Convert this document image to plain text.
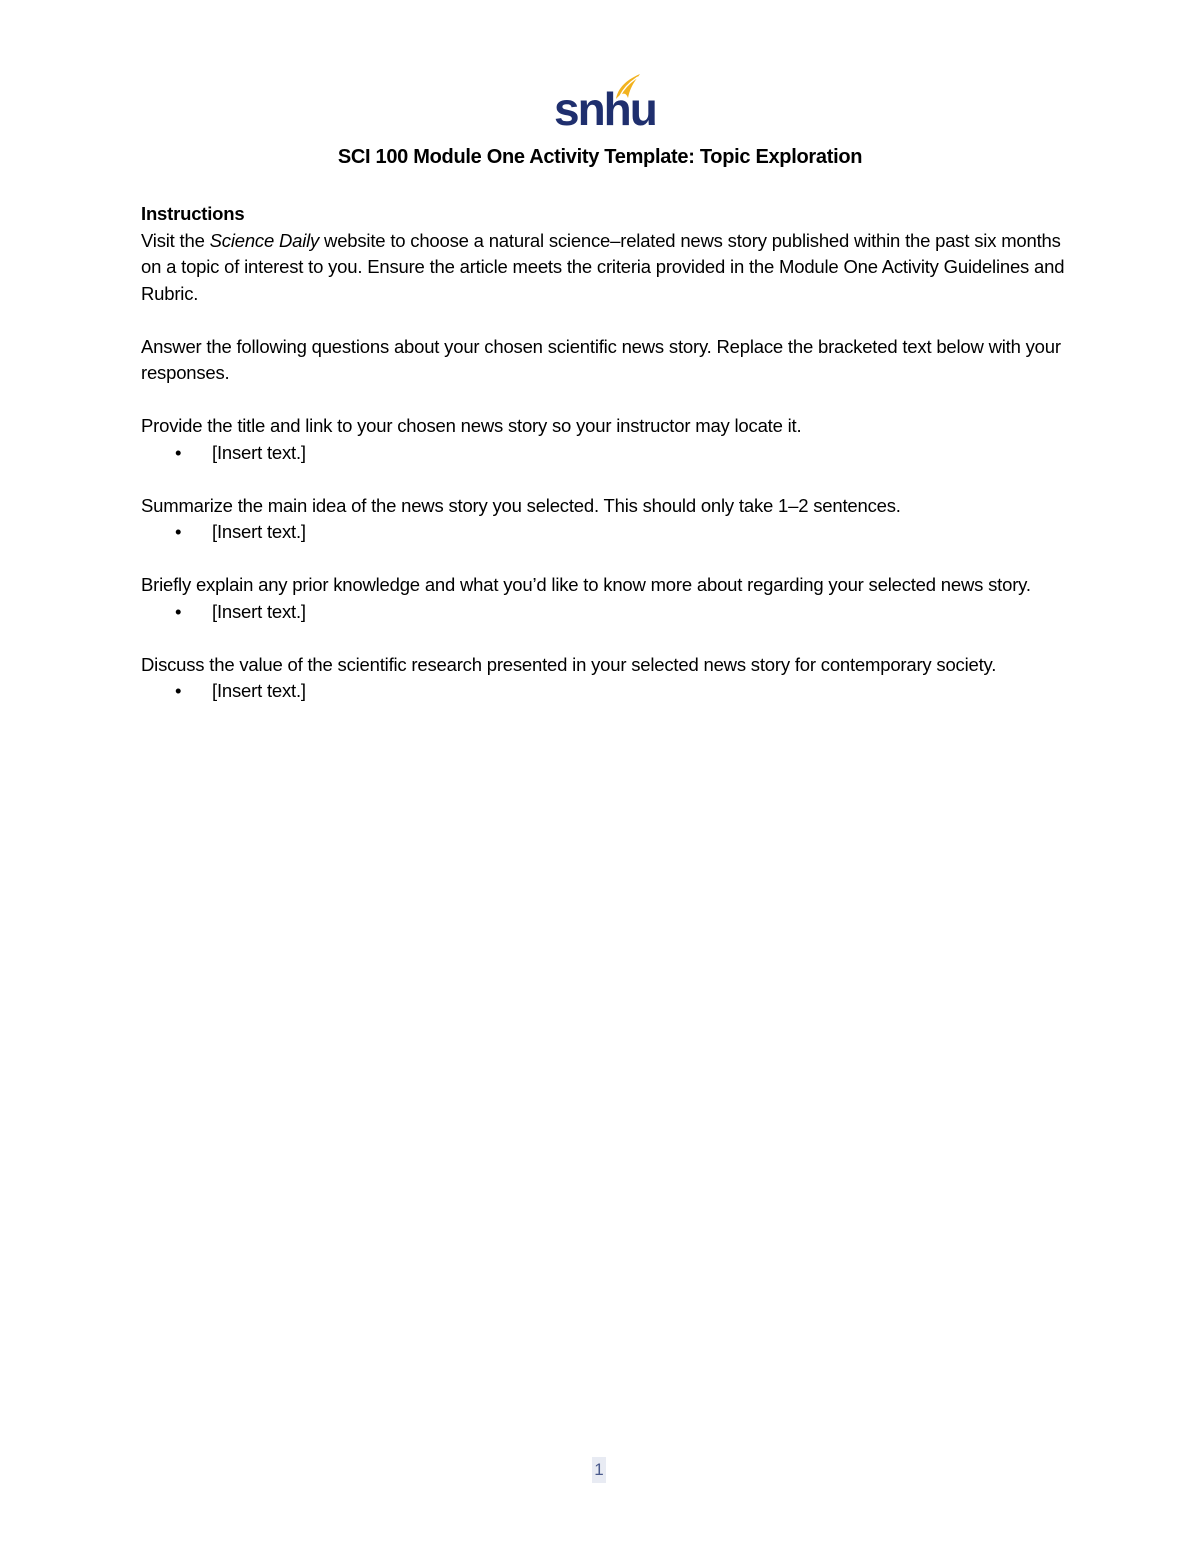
snhu
SCI 100 Module One Activity Template: Topic Exploration

Instructions

Visit the Science Daily website to choose a natural science–related news story published within the past six months on a topic of interest to you. Ensure the article meets the criteria provided in the Module One Activity Guidelines and Rubric.

Answer the following questions about your chosen scientific news story. Replace the bracketed text below with your responses.

Provide the title and link to your chosen news story so your instructor may locate it.

• [Insert text.]

Summarize the main idea of the news story you selected. This should only take 1–2 sentences.

• [Insert text.]

Briefly explain any prior knowledge and what you’d like to know more about regarding your selected news story.

• [Insert text.]

Discuss the value of the scientific research presented in your selected news story for contemporary society.

• [Insert text.]
1
